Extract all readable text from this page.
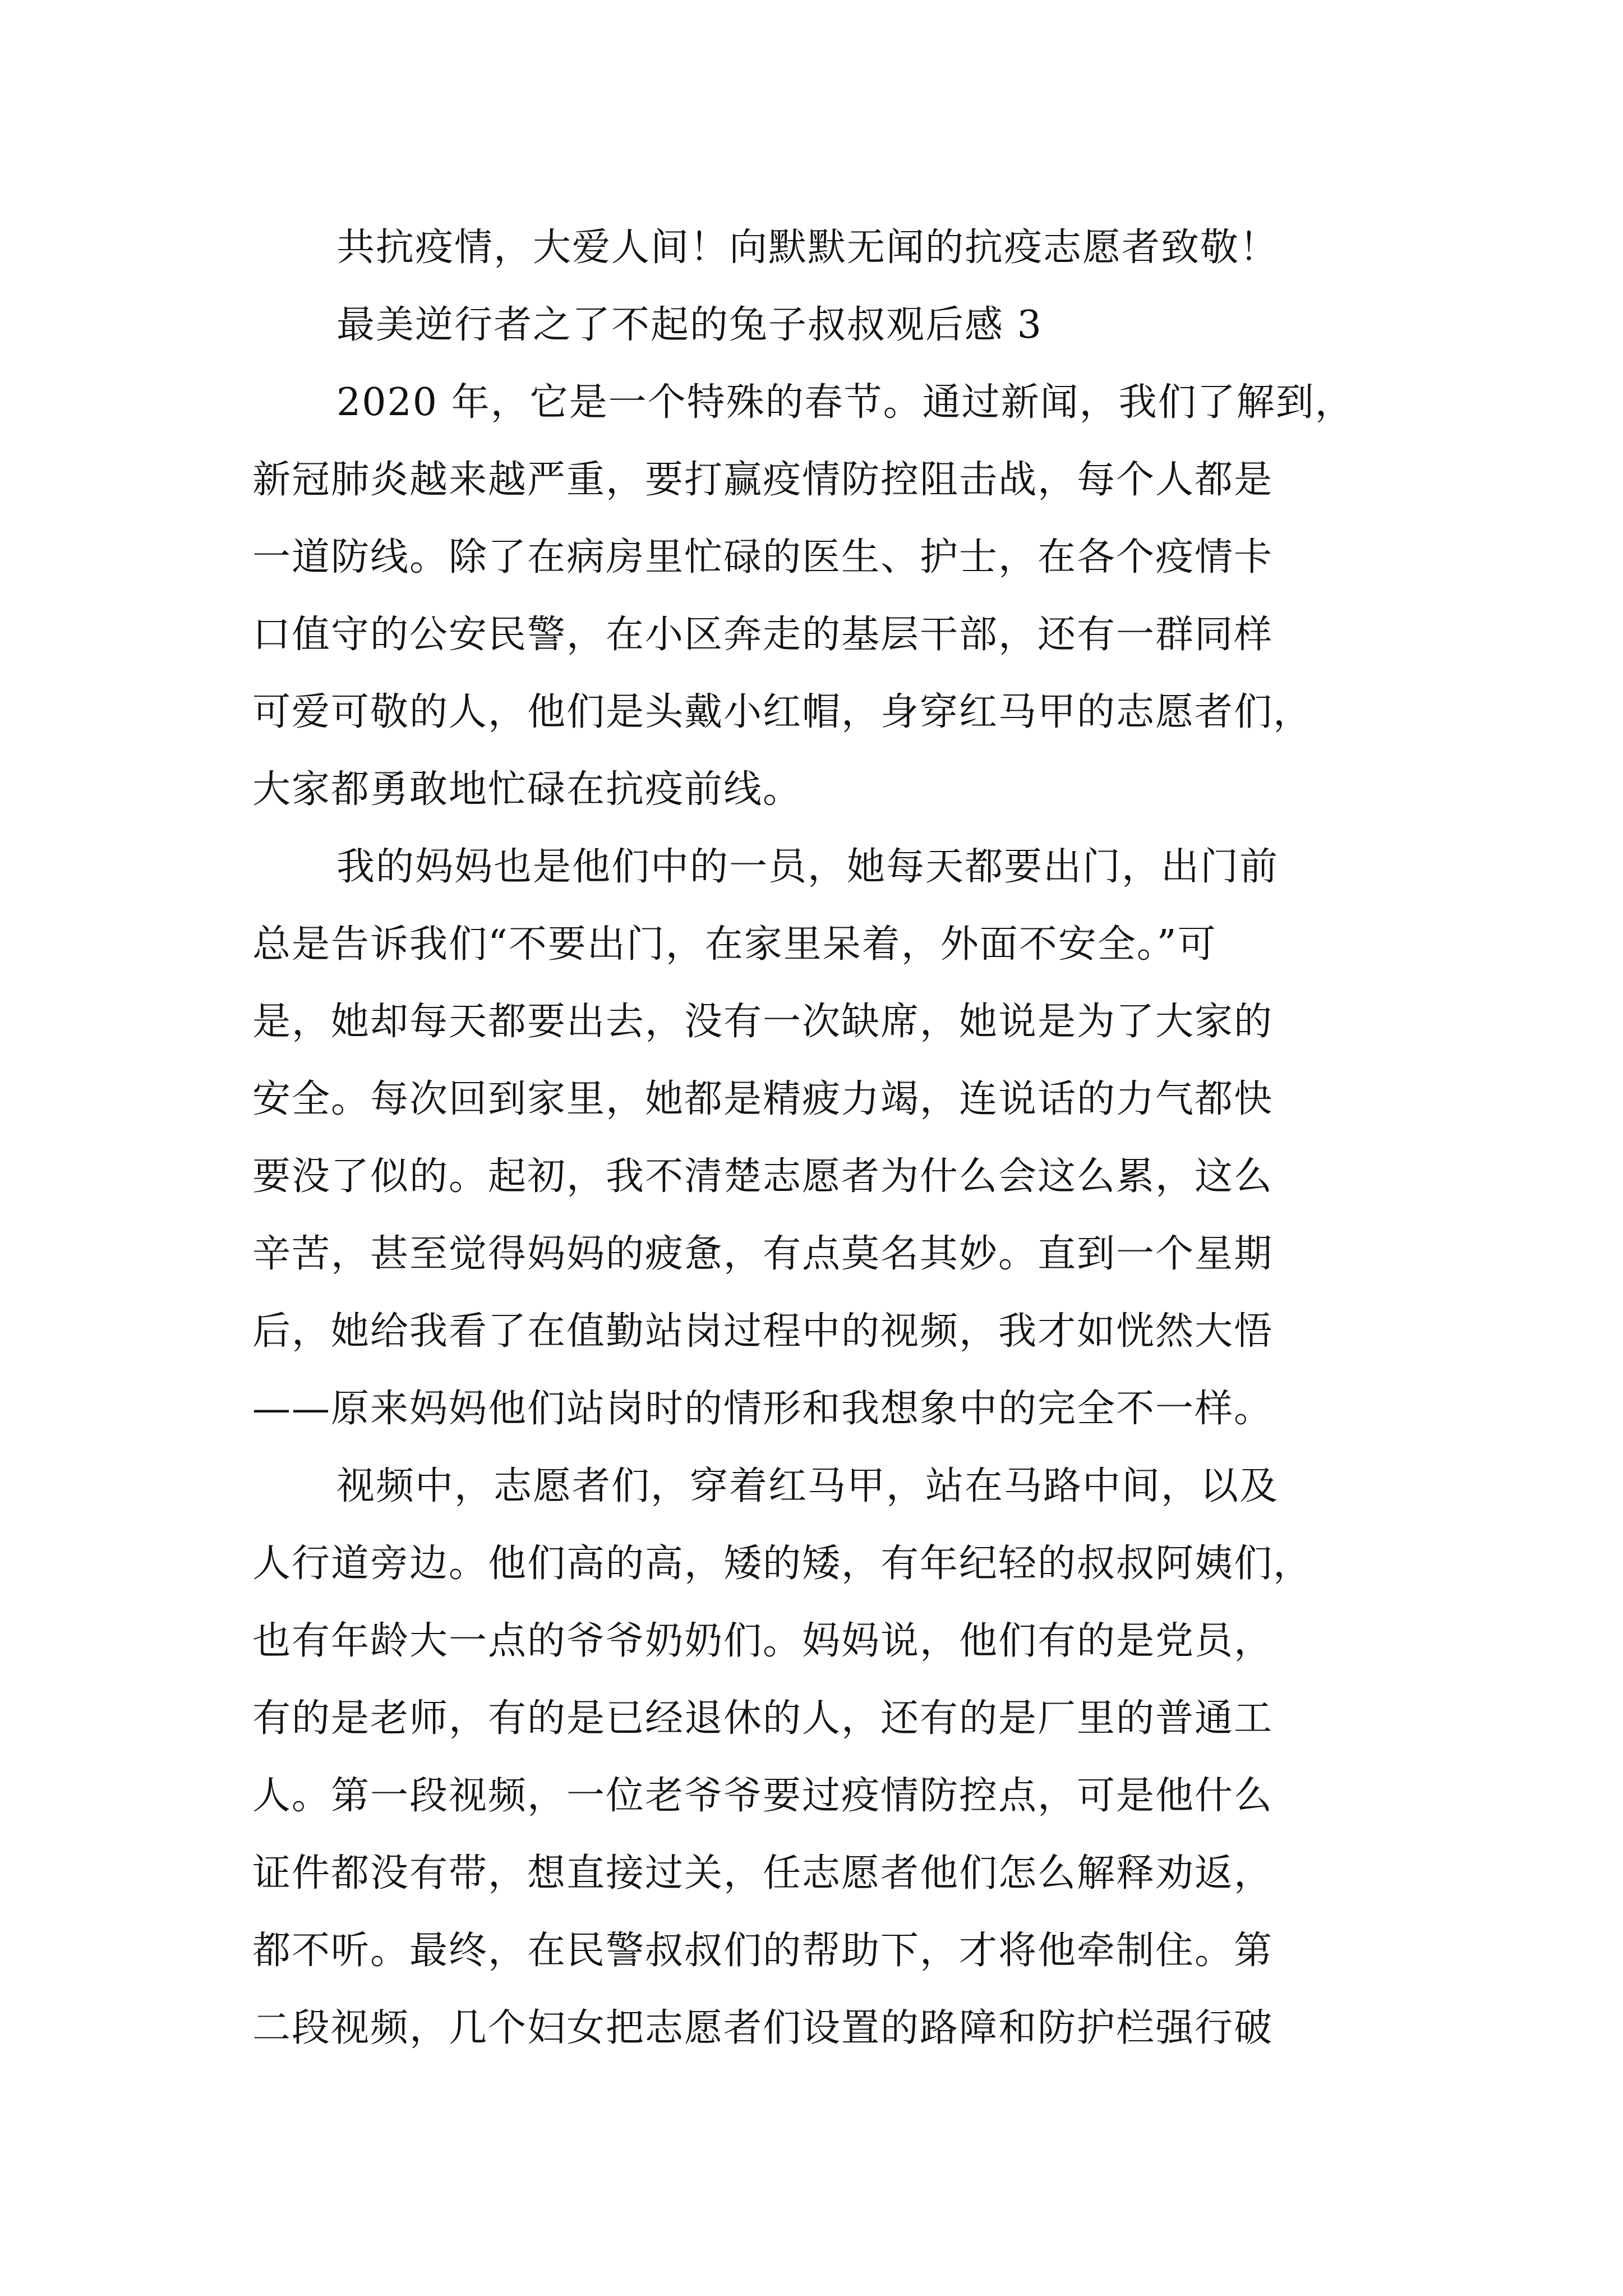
共抗疫情，大爱人间！向默默无闻的抗疫志愿者致敬！
最美逆行者之了不起的兔子叔叔观后感 3
2020 年，它是一个特殊的春节。通过新闻，我们了解到，
新冠肺炎越来越严重，要打赢疫情防控阻击战，每个人都是
一道防线。除了在病房里忙碌的医生、护士，在各个疫情卡
口值守的公安民警，在小区奔走的基层干部，还有一群同样
可爱可敬的人，他们是头戴小红帽，身穿红马甲的志愿者们，
大家都勇敢地忙碌在抗疫前线。
我的妈妈也是他们中的一员，她每天都要出门，出门前
总是告诉我们“不要出门，在家里呆着，外面不安全。”可
是，她却每天都要出去，没有一次缺席，她说是为了大家的
安全。每次回到家里，她都是精疲力竭，连说话的力气都快
要没了似的。起初，我不清楚志愿者为什么会这么累，这么
辛苦，甚至觉得妈妈的疲惫，有点莫名其妙。直到一个星期
后，她给我看了在值勤站岗过程中的视频，我才如恍然大悟
——原来妈妈他们站岗时的情形和我想象中的完全不一样。
视频中，志愿者们，穿着红马甲，站在马路中间，以及
人行道旁边。他们高的高，矮的矮，有年纪轻的叔叔阿姨们，
也有年龄大一点的爷爷奶奶们。妈妈说，他们有的是党员，
有的是老师，有的是已经退休的人，还有的是厂里的普通工
人。第一段视频，一位老爷爷要过疫情防控点，可是他什么
证件都没有带，想直接过关，任志愿者他们怎么解释劝返，
都不听。最终，在民警叔叔们的帮助下，才将他牵制住。第
二段视频，几个妇女把志愿者们设置的路障和防护栏强行破
